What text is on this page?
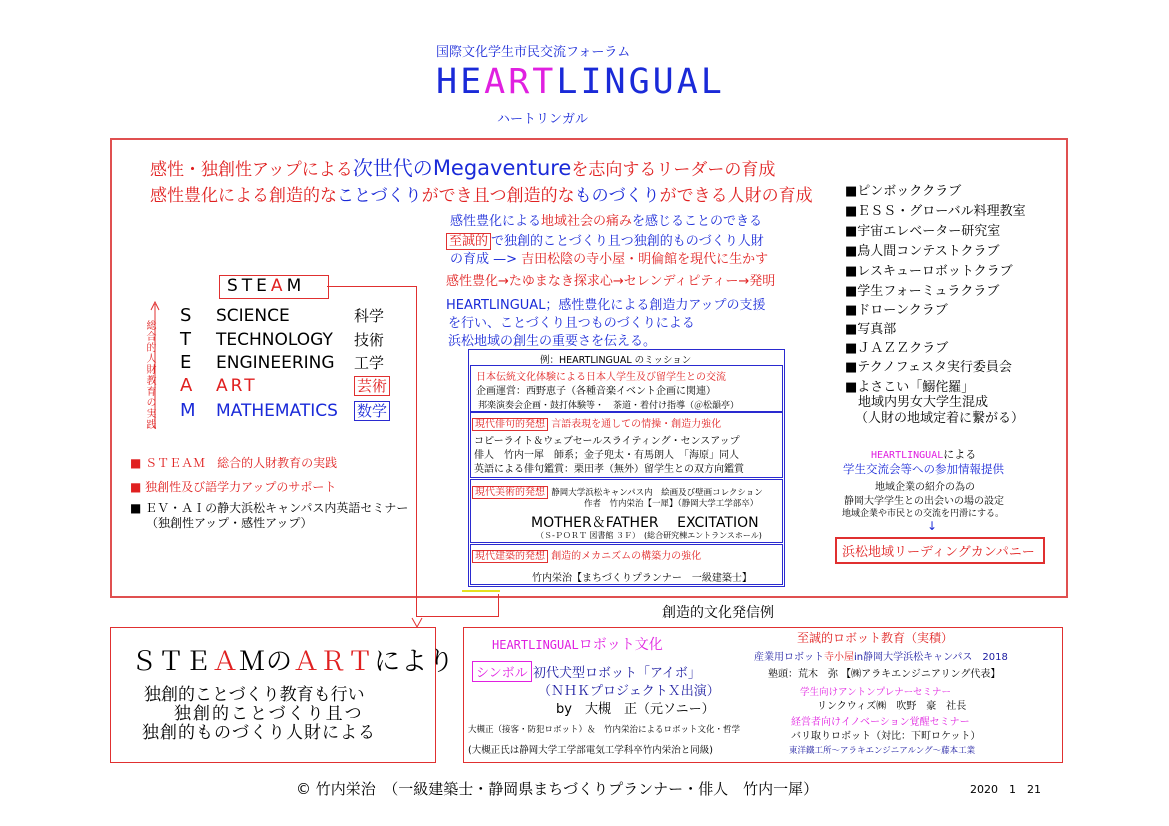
国際文化学生市民交流フォーラム
HEARTLINGUAL
ハートリンガル
感性・独創性アップによる次世代のMegaventureを志向するリーダーの育成
感性豊化による創造的なことづくりができ且つ創造的なものづくりができる人財の育成
感性豊化による地域社会の痛みを感じることのできる
至誠的 で独創的ことづくり且つ独創的ものづくり人財
の育成 —> 吉田松陰の寺小屋・明倫館を現代に生かす
感性豊化→たゆまなき探求心→セレンディピティー→発明
HEARTLINGUAL；感性豊化による創造力アップの支援
を行い、ことづくり且つものづくりによる
浜松地域の創生の重要さを伝える。
STEAM
総合的人財教育の実践
S SCIENCE	科学
T TECHNOLOGY 技術
E ENGINEERING 工学
A ART	芸術
M MATHEMATICS 数学
■ ＳＴＥＡＭ　総合的人財教育の実践
■ 独創性及び語学力アップのサポート
■ ＥＶ・ＡＩの静大浜松キャンパス内英語セミナー
（独創性アップ・感性アップ）
例：HEARTLINGUAL のミッション
日本伝統文化体験による日本人学生及び留学生との交流
企画運営：西野恵子（各種音楽イベント企画に関連）
邦楽演奏会企画・鼓打体験等・　茶道・着付け指導（＠松韻亭）
現代俳句的発想 言語表現を通しての情操・創造力強化
コピーライト＆ウェブセールスライティング・センスアップ
俳人　竹内一犀　師系；金子兜太・有馬朗人　「海原」同人
英語による俳句鑑賞：栗田孝（無外）留学生との双方向鑑賞
現代美術的発想 静岡大学浜松キャンパス内　絵画及び壁画コレクション
作者　竹内栄治【一犀】（静岡大学工学部卒）
MOTHER＆FATHER　 EXCITATION
（Ｓ-ＰＯＲＴ 図書館 ３Ｆ）　(総合研究棟エントランスホール)
現代建築的発想 創造的メカニズムの構築力の強化
竹内栄治【まちづくりプランナー　一級建築士】
■ピンボッククラブ
■ＥＳＳ・グローバル料理教室
■宇宙エレベーター研究室
■鳥人間コンテストクラブ
■レスキューロボットクラブ
■学生フォーミュラクラブ
■ドローンクラブ
■写真部
■ＪＡＺＺクラブ
■テクノフェスタ実行委員会
■よさこい「鰯侘羅」
地域内男女大学生混成
（人財の地域定着に繋がる）
HEARTLINGUALによる
学生交流会等への参加情報提供
地域企業の紹介の為の
静岡大学学生との出会いの場の設定
地域企業や市民との交流を円滑にする。
↓
浜松地域リーディングカンパニー
創造的文化発信例
ＳＴＥＡＭのＡＲＴにより
独創的ことづくり教育も行い
独創的ことづくり且つ
独創的ものづくり人財による
HEARTLINGUALロボット文化
シンボル 初代犬型ロボット「アイボ」
（ＮＨＫプロジェクトＸ出演）
by　大槻　正（元ソニー）
大槻正（接客・防犯ロボット）＆　竹内栄治によるロボット文化・哲学
(大槻正氏は静岡大学工学部電気工学科卒竹内栄治と同級)
至誠的ロボット教育（実積）
産業用ロボット寺小屋in静岡大学浜松キャンパス　2018
塾頭：荒木　弥 【㈱アラキエンジニアリング代表】
学生向けアントンプレナーセミナー
リンクウィズ㈱　吹野　豪　社長
経営者向けイノベーション覚醒セミナー
バリ取りロボット（対比：下町ロケット）
東洋鐵工所～アラキエンジニアルング～藤本工業
© 竹内栄治　（一級建築士・静岡県まちづくりプランナー・俳人　竹内一犀）	2020　1　21
